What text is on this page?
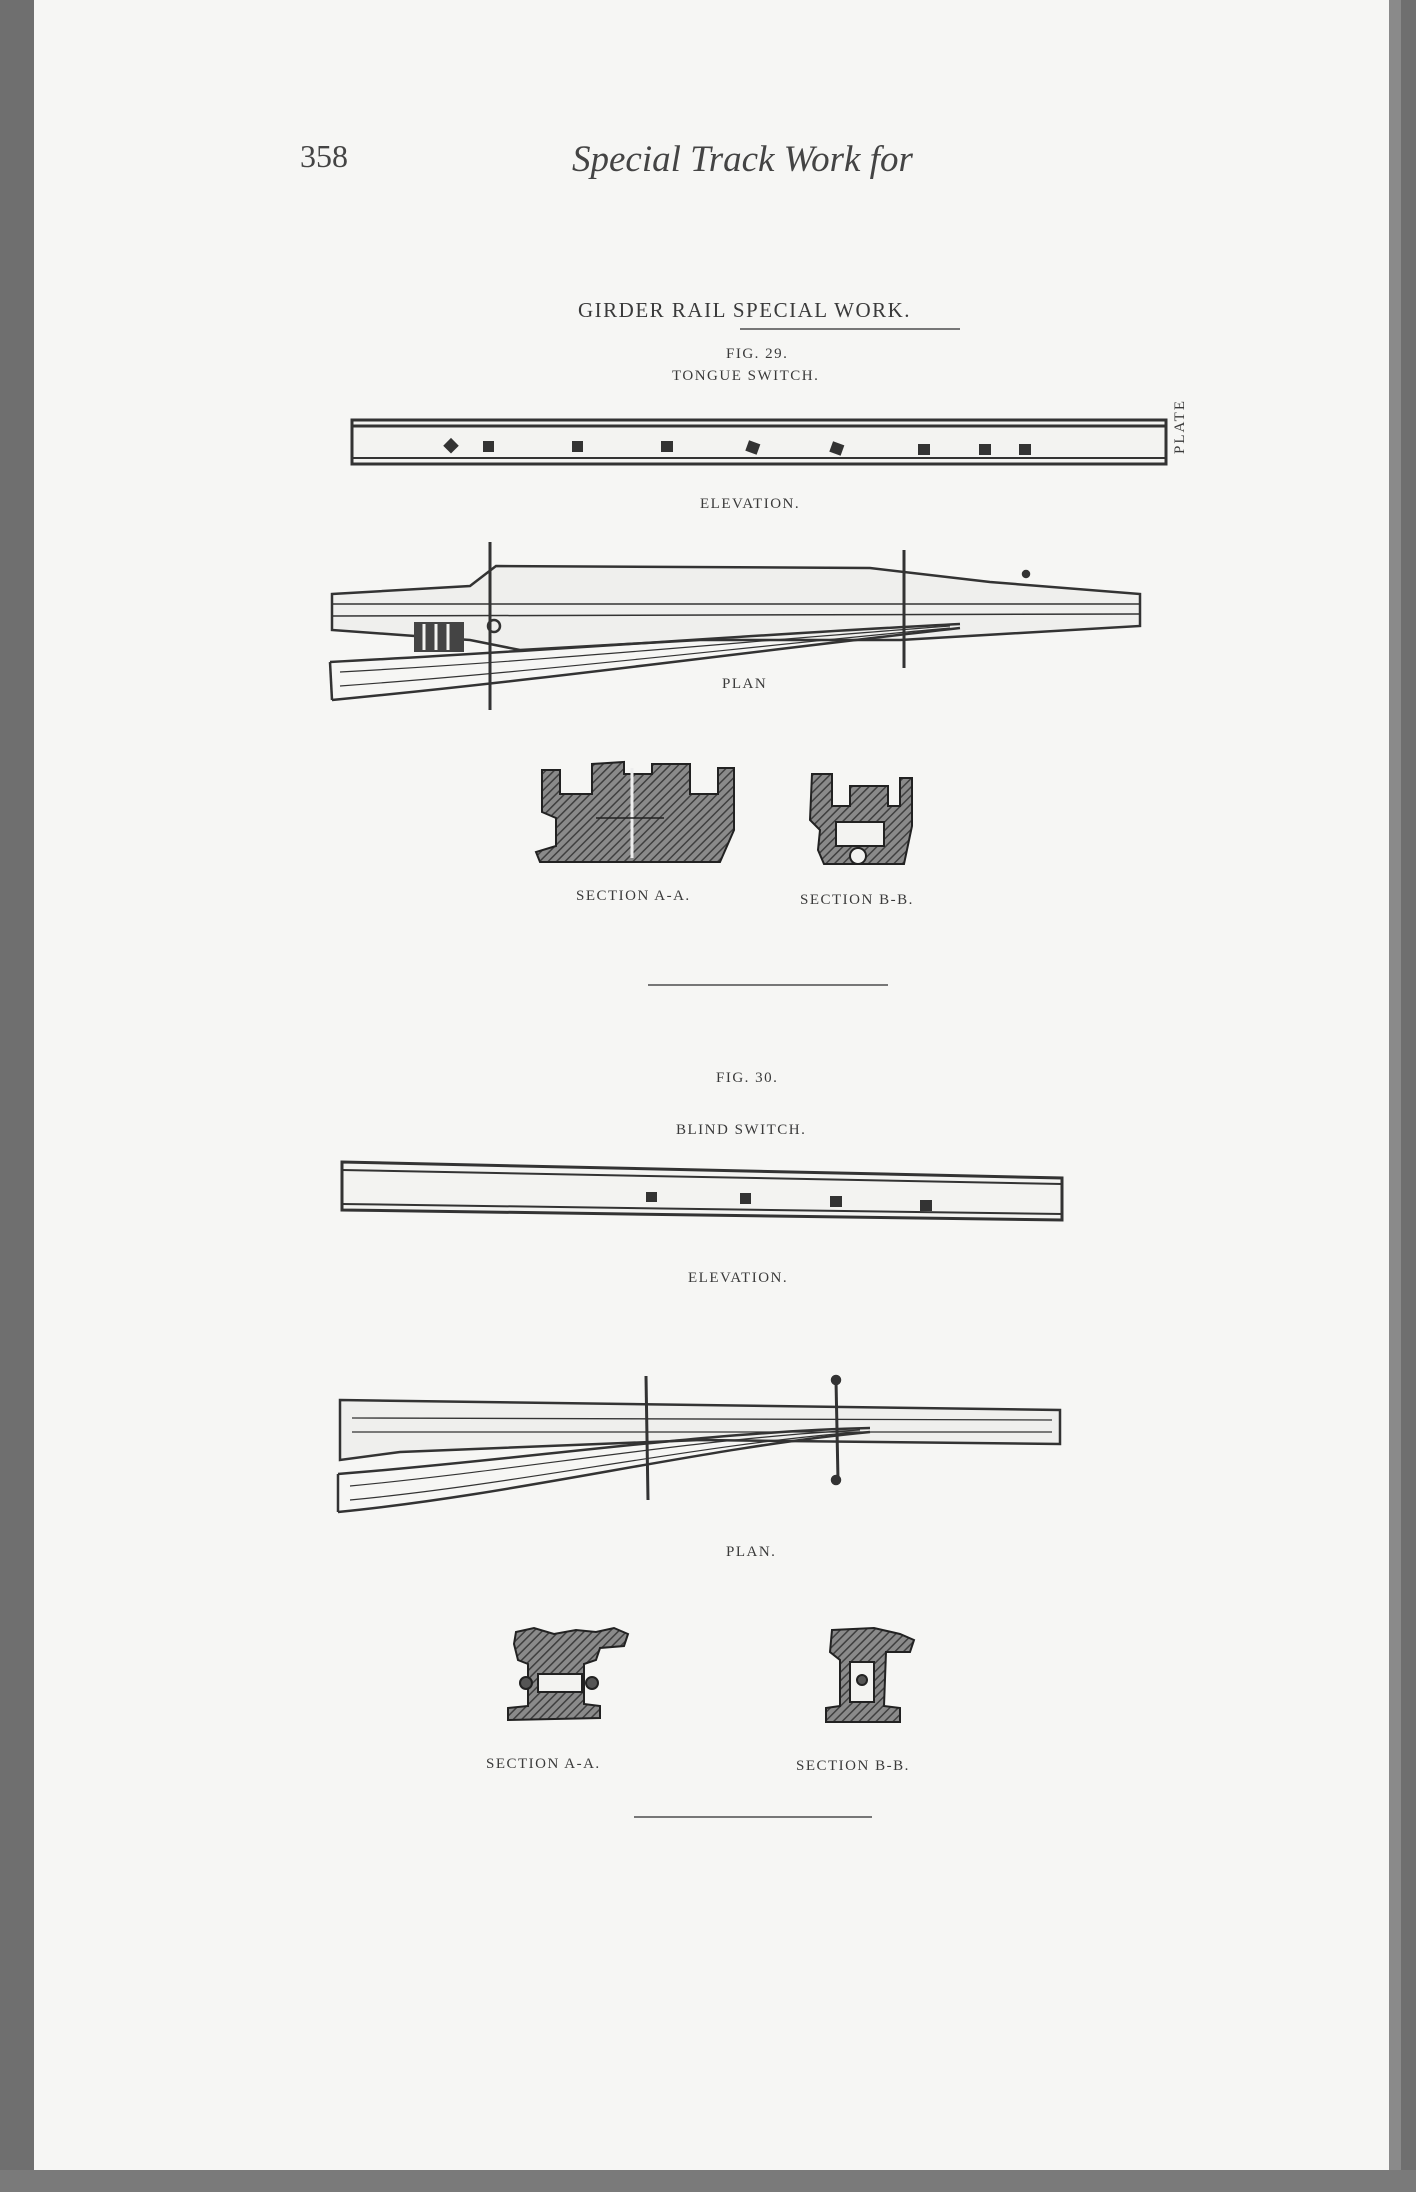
358	Special Track Work for
GIRDER RAIL SPECIAL WORK.
PLATE
FIG. 29.
TONGUE SWITCH.
ELEVATION.
PLAN
SECTION A-A.	SECTION B-B.
FIG. 30.
BLIND SWITCH.
ELEVATION.
PLAN.
SECTION A-A.	SECTION B-B.
